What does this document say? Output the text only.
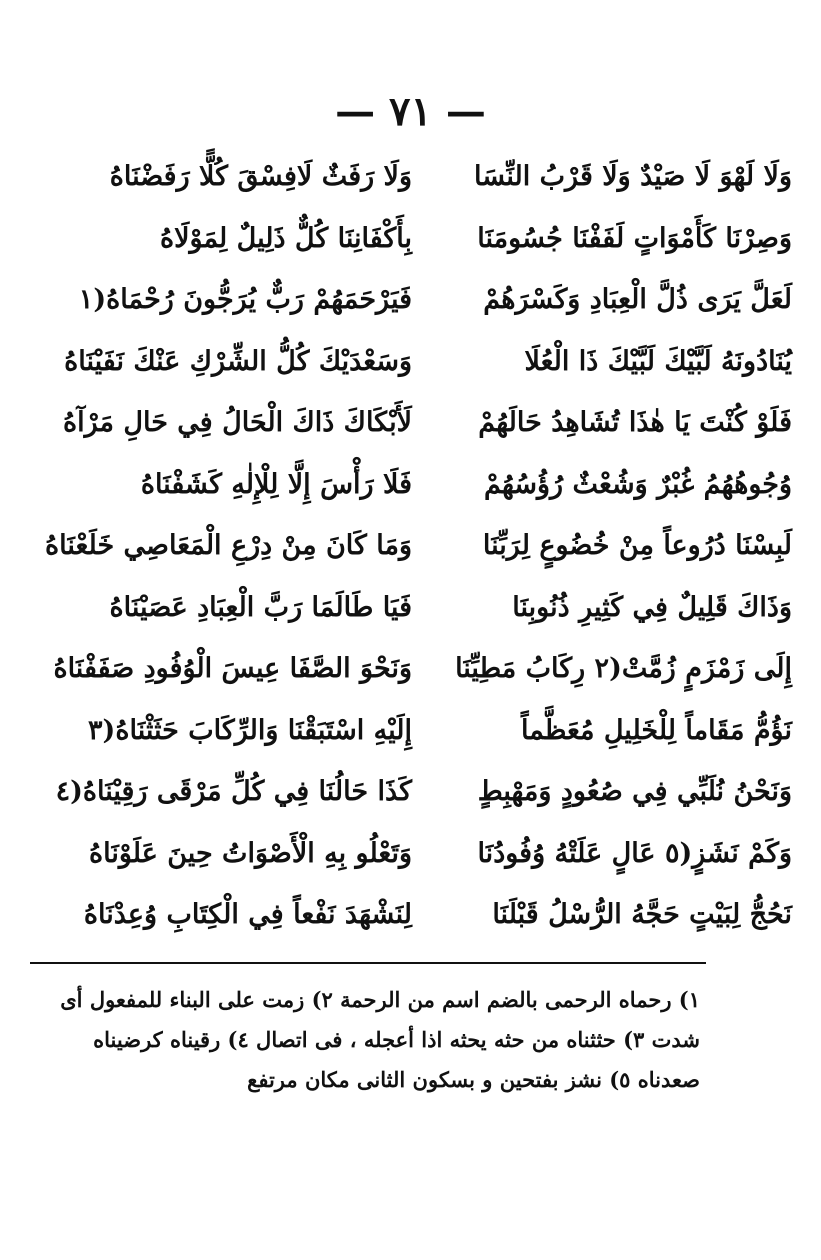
— ٧١ —
وَلَا لَهْوَ لَا صَيْدٌ وَلَا قَرْبُ النِّسَا
وَلَا رَفَثٌ لَافِسْقَ كُلًّا رَفَضْنَاهُ
وَصِرْنَا كَأَمْوَاتٍ لَفَفْنَا جُسُومَنَا
بِأَكْفَانِنَا كُلٌّ ذَلِيلٌ لِمَوْلَاهُ
لَعَلَّ يَرَى ذُلَّ الْعِبَادِ وَكَسْرَهُمْ
فَيَرْحَمَهُمْ رَبٌّ يُرَجُّونَ رُحْمَاهُ(١
يُنَادُونَهُ لَبَّيْكَ لَبَّيْكَ ذَا الْعُلَا
وَسَعْدَيْكَ كُلُّ الشِّرْكِ عَنْكَ نَفَيْنَاهُ
فَلَوْ كُنْتَ يَا هٰذَا تُشَاهِدُ حَالَهُمْ
لَأَبْكَاكَ ذَاكَ الْحَالُ فِي حَالِ مَرْآهُ
وُجُوهُهُمُ غُبْرٌ وَشُعْثٌ رُؤُسُهُمْ
فَلَا رَأْسَ إِلَّا لِلْإِلٰهِ كَشَفْنَاهُ
لَبِسْنَا دُرُوعاً مِنْ خُضُوعٍ لِرَبِّنَا
وَمَا كَانَ مِنْ دِرْعِ الْمَعَاصِي خَلَعْنَاهُ
وَذَاكَ قَلِيلٌ فِي كَثِيرِ ذُنُوبِنَا
فَيَا طَالَمَا رَبَّ الْعِبَادِ عَصَيْنَاهُ
إِلَى زَمْزَمٍ زُمَّتْ(٢ رِكَابُ مَطِيِّنَا
وَنَحْوَ الصَّفَا عِيسَ الْوُفُودِ صَفَفْنَاهُ
نَؤُمُّ مَقَاماً لِلْخَلِيلِ مُعَظَّماً
إِلَيْهِ اسْتَبَقْنَا وَالرِّكَابَ حَثَثْنَاهُ(٣
وَنَحْنُ نُلَبِّي فِي صُعُودٍ وَمَهْبِطٍ
كَذَا حَالُنَا فِي كُلِّ مَرْقَى رَقِيْنَاهُ(٤
وَكَمْ نَشَزٍ(٥ عَالٍ عَلَتْهُ وُفُودُنَا
وَتَعْلُو بِهِ الْأَصْوَاتُ حِينَ عَلَوْنَاهُ
نَحُجُّ لِبَيْتٍ حَجَّهُ الرُّسْلُ قَبْلَنَا
لِنَشْهَدَ نَفْعاً فِي الْكِتَابِ وُعِدْنَاهُ
١) رحماه الرحمى بالضم اسم من الرحمة ٢) زمت على البناء للمفعول أى
شدت ٣) حثثناه من حثه يحثه اذا أعجله ، فى اتصال ٤) رقيناه كرضيناه
صعدناه ٥) نشز بفتحين و بسكون الثانى مكان مرتفع
